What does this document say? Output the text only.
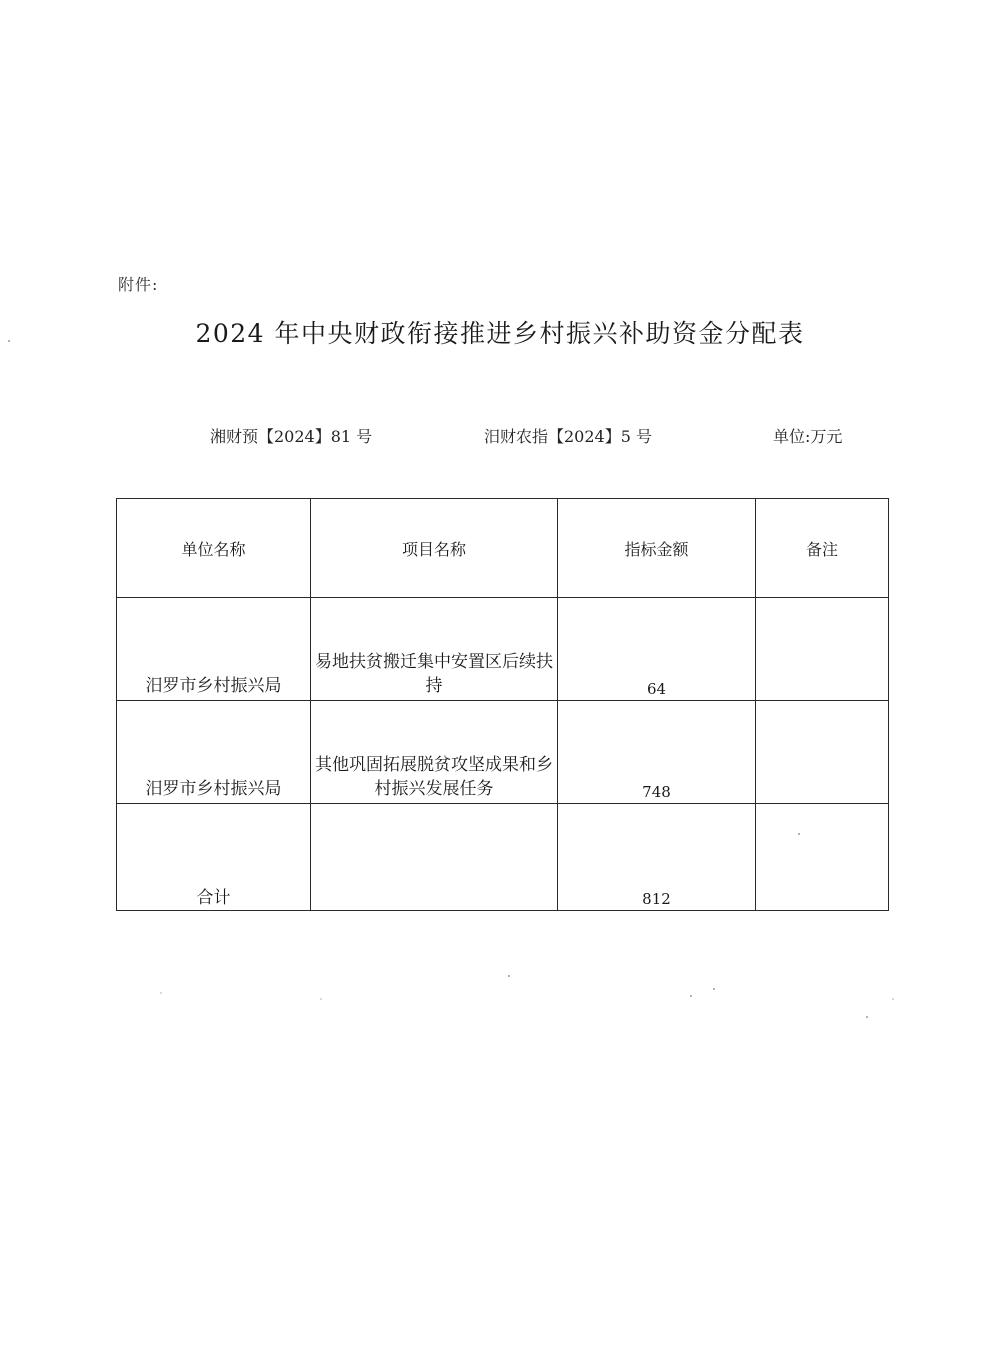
附件:
2024 年中央财政衔接推进乡村振兴补助资金分配表
湘财预【2024】81 号	汨财农指【2024】5 号	单位:万元
单位名称	项目名称	指标金额	备注
汨罗市乡村振兴局	易地扶贫搬迁集中安置区后续扶持	64	
汨罗市乡村振兴局	其他巩固拓展脱贫攻坚成果和乡村振兴发展任务	748	
合计		812	
